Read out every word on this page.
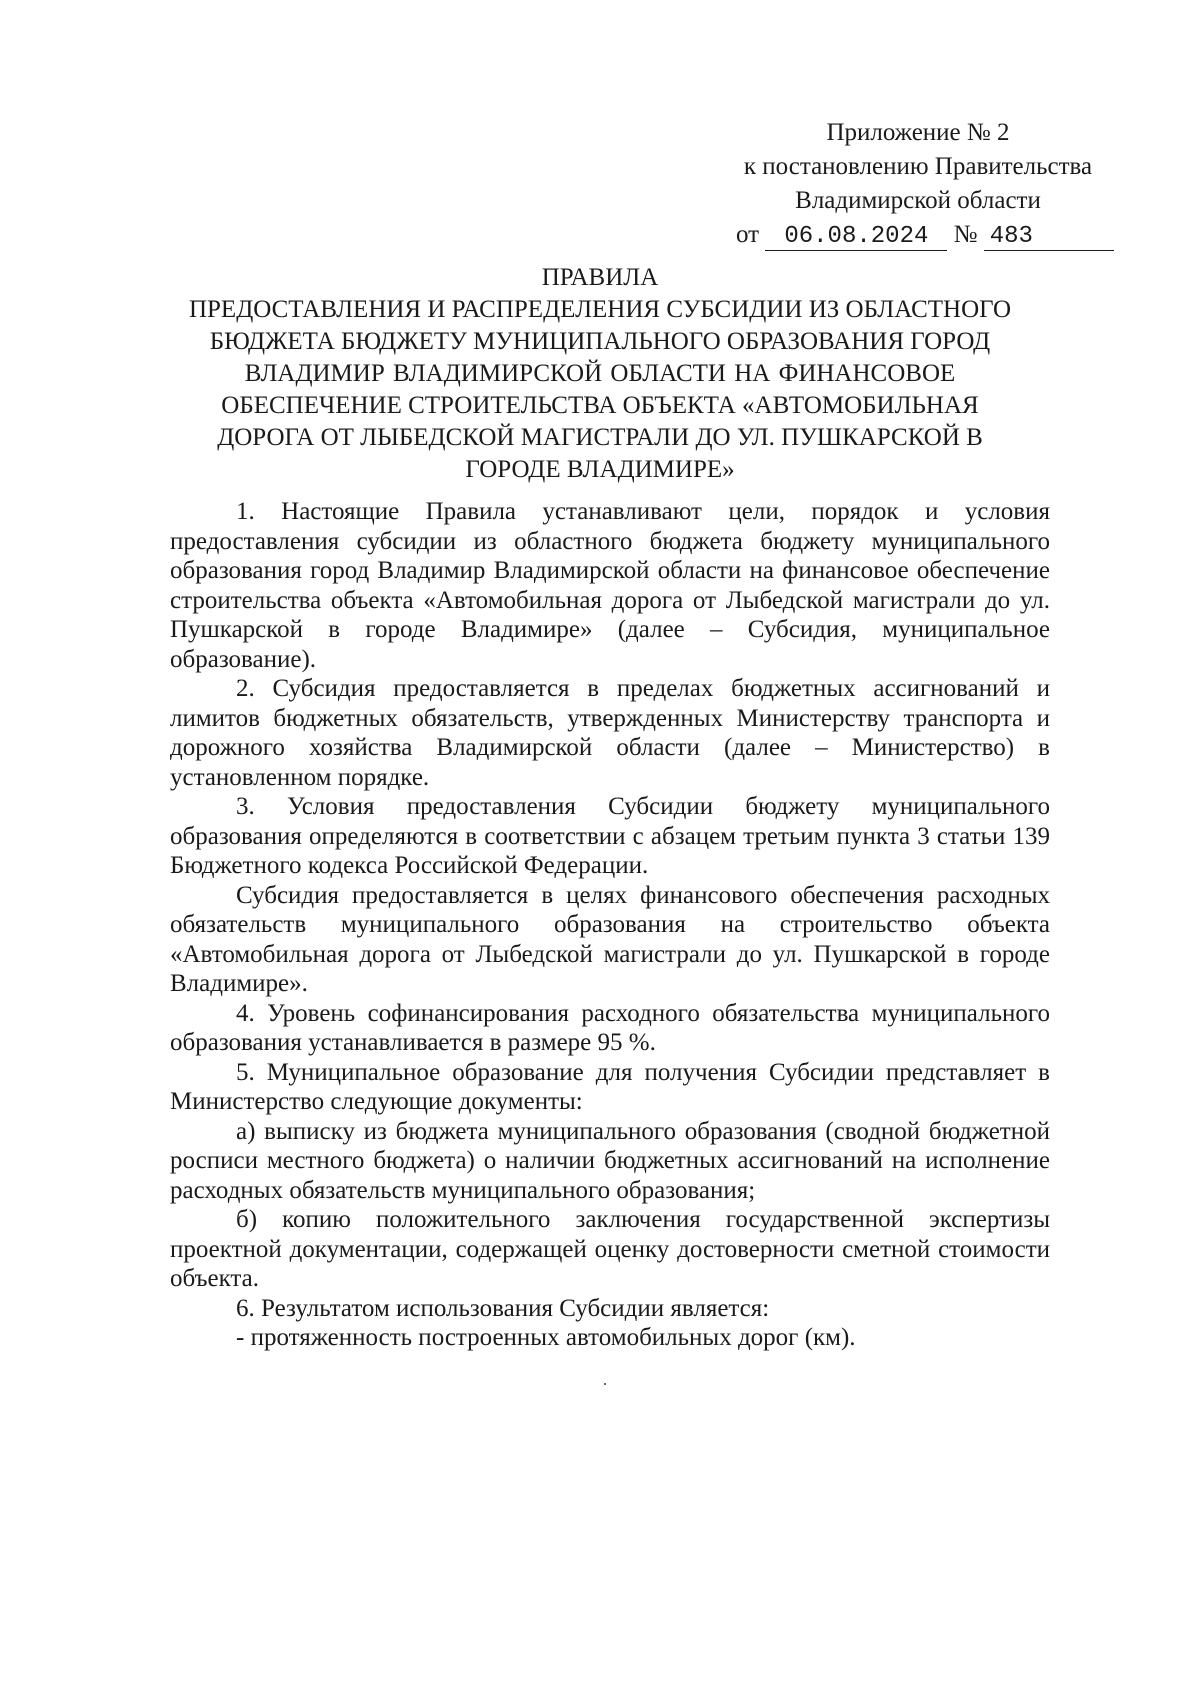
Приложение № 2
к постановлению Правительства
Владимирской области
от 06.08.2024 № 483
ПРАВИЛА
ПРЕДОСТАВЛЕНИЯ И РАСПРЕДЕЛЕНИЯ СУБСИДИИ ИЗ ОБЛАСТНОГО
БЮДЖЕТА БЮДЖЕТУ МУНИЦИПАЛЬНОГО ОБРАЗОВАНИЯ ГОРОД
ВЛАДИМИР ВЛАДИМИРСКОЙ ОБЛАСТИ НА ФИНАНСОВОЕ
ОБЕСПЕЧЕНИЕ СТРОИТЕЛЬСТВА ОБЪЕКТА «АВТОМОБИЛЬНАЯ
ДОРОГА ОТ ЛЫБЕДСКОЙ МАГИСТРАЛИ ДО УЛ. ПУШКАРСКОЙ В
ГОРОДЕ ВЛАДИМИРЕ»

1. Настоящие Правила устанавливают цели, порядок и условия предоставления субсидии из областного бюджета бюджету муниципального образования город Владимир Владимирской области на финансовое обеспечение строительства объекта «Автомобильная дорога от Лыбедской магистрали до ул. Пушкарской в городе Владимире» (далее – Субсидия, муниципальное образование).

2. Субсидия предоставляется в пределах бюджетных ассигнований и лимитов бюджетных обязательств, утвержденных Министерству транспорта и дорожного хозяйства Владимирской области (далее – Министерство) в установленном порядке.

3. Условия предоставления Субсидии бюджету муниципального образования определяются в соответствии с абзацем третьим пункта 3 статьи 139 Бюджетного кодекса Российской Федерации.

Субсидия предоставляется в целях финансового обеспечения расходных обязательств муниципального образования на строительство объекта «Автомобильная дорога от Лыбедской магистрали до ул. Пушкарской в городе Владимире».

4. Уровень софинансирования расходного обязательства муниципального образования устанавливается в размере 95 %.

5. Муниципальное образование для получения Субсидии представляет в Министерство следующие документы:

а) выписку из бюджета муниципального образования (сводной бюджетной росписи местного бюджета) о наличии бюджетных ассигнований на исполнение расходных обязательств муниципального образования;

б) копию положительного заключения государственной экспертизы проектной документации, содержащей оценку достоверности сметной стоимости объекта.

6. Результатом использования Субсидии является:

- протяженность построенных автомобильных дорог (км).
